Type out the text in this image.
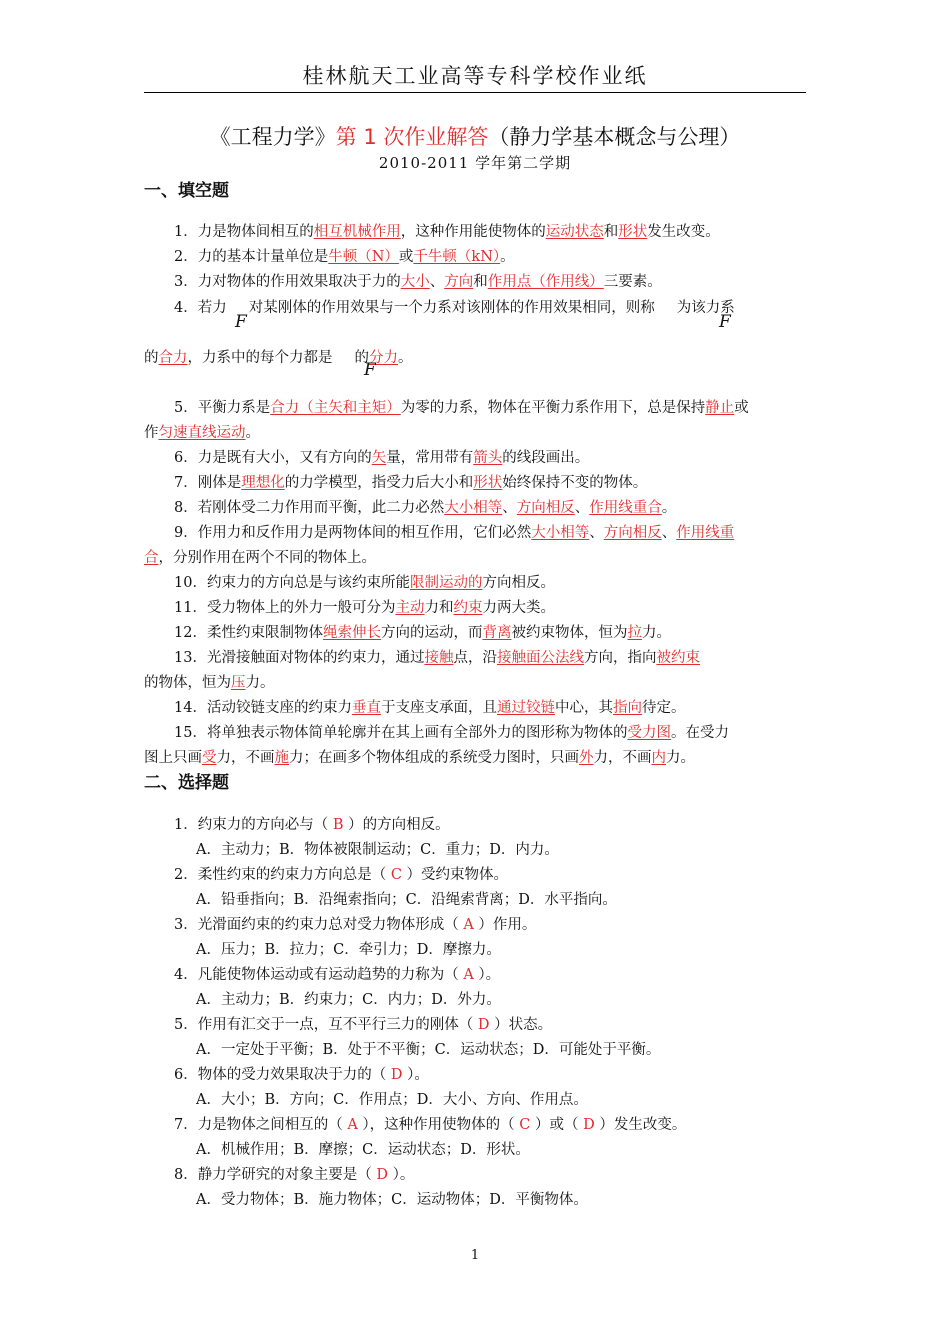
桂林航天工业高等专科学校作业纸
《工程力学》第 1 次作业解答（静力学基本概念与公理）
2010-2011 学年第二学期
一、填空题
1．力是物体间相互的相互机械作用，这种作用能使物体的运动状态和形状发生改变。
2．力的基本计量单位是牛顿（N）或千牛顿（kN）。
3．力对物体的作用效果取决于力的大小、方向和作用点（作用线）三要素。
4．若力 对某刚体的作用效果与一个力系对该刚体的作用效果相同，则称 为该力系
F	F
的合力，力系中的每个力都是 的分力。
F
5．平衡力系是合力（主矢和主矩）为零的力系，物体在平衡力系作用下，总是保持静止或
作匀速直线运动。
6．力是既有大小，又有方向的矢量，常用带有箭头的线段画出。
7．刚体是理想化的力学模型，指受力后大小和形状始终保持不变的物体。
8．若刚体受二力作用而平衡，此二力必然大小相等、方向相反、作用线重合。
9．作用力和反作用力是两物体间的相互作用，它们必然大小相等、方向相反、作用线重
合，分别作用在两个不同的物体上。
10．约束力的方向总是与该约束所能限制运动的方向相反。
11．受力物体上的外力一般可分为主动力和约束力两大类。
12．柔性约束限制物体绳索伸长方向的运动，而背离被约束物体，恒为拉力。
13．光滑接触面对物体的约束力，通过接触点，沿接触面公法线方向，指向被约束
的物体，恒为压力。
14．活动铰链支座的约束力垂直于支座支承面，且通过铰链中心，其指向待定。
15．将单独表示物体简单轮廓并在其上画有全部外力的图形称为物体的受力图。在受力
图上只画受力，不画施力；在画多个物体组成的系统受力图时，只画外力，不画内力。
二、选择题
1．约束力的方向必与（ B ）的方向相反。
A．主动力；B．物体被限制运动；C．重力；D．内力。
2．柔性约束的约束力方向总是（ C ）受约束物体。
A．铅垂指向；B．沿绳索指向；C．沿绳索背离；D．水平指向。
3．光滑面约束的约束力总对受力物体形成（ A ）作用。
A．压力；B．拉力；C．牵引力；D．摩擦力。
4．凡能使物体运动或有运动趋势的力称为（ A ）。
A．主动力；B．约束力；C．内力；D．外力。
5．作用有汇交于一点，互不平行三力的刚体（ D ）状态。
A．一定处于平衡；B．处于不平衡；C．运动状态；D．可能处于平衡。
6．物体的受力效果取决于力的（ D ）。
A．大小；B．方向；C．作用点；D．大小、方向、作用点。
7．力是物体之间相互的（ A ），这种作用使物体的（ C ）或（ D ）发生改变。
A．机械作用；B．摩擦；C．运动状态；D．形状。
8．静力学研究的对象主要是（ D ）。
A．受力物体；B．施力物体；C．运动物体；D．平衡物体。
1
